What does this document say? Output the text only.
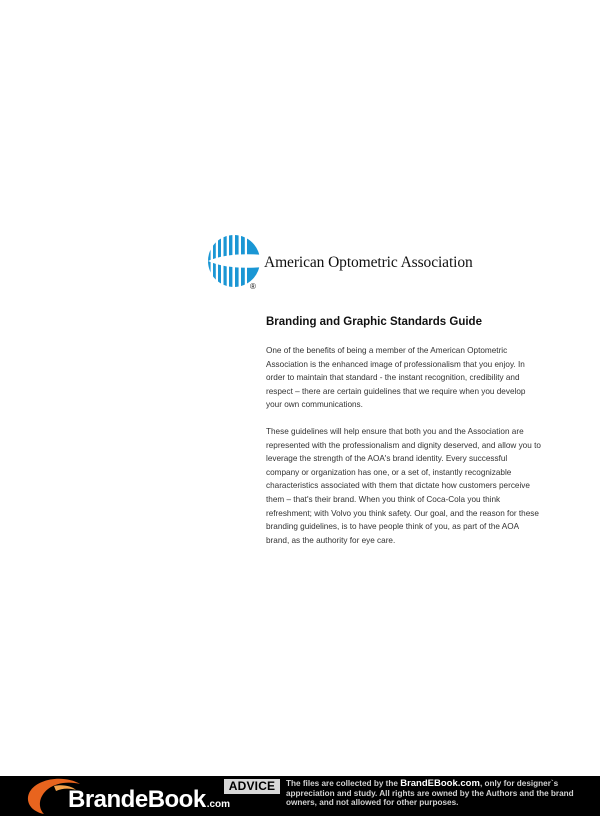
®
American Optometric Association
Branding and Graphic Standards Guide

One of the benefits of being a member of the American Optometric Association is the enhanced image of professionalism that you enjoy. In order to maintain that standard - the instant recognition, credibility and respect – there are certain guidelines that we require when you develop your own communications.

These guidelines will help ensure that both you and the Association are represented with the professionalism and dignity deserved, and allow you to leverage the strength of the AOA's brand identity. Every successful company or organization has one, or a set of, instantly recognizable characteristics associated with them that dictate how customers perceive them – that's their brand. When you think of Coca-Cola you think refreshment; with Volvo you think safety. Our goal, and the reason for these branding guidelines, is to have people think of you, as part of the AOA brand, as the authority for eye care.

BrandeBook.com
ADVICE	The files are collected by the BrandEBook.com, only for designer`s appreciation and study. All rights are owned by the Authors and the brand owners, and not allowed for other purposes.
